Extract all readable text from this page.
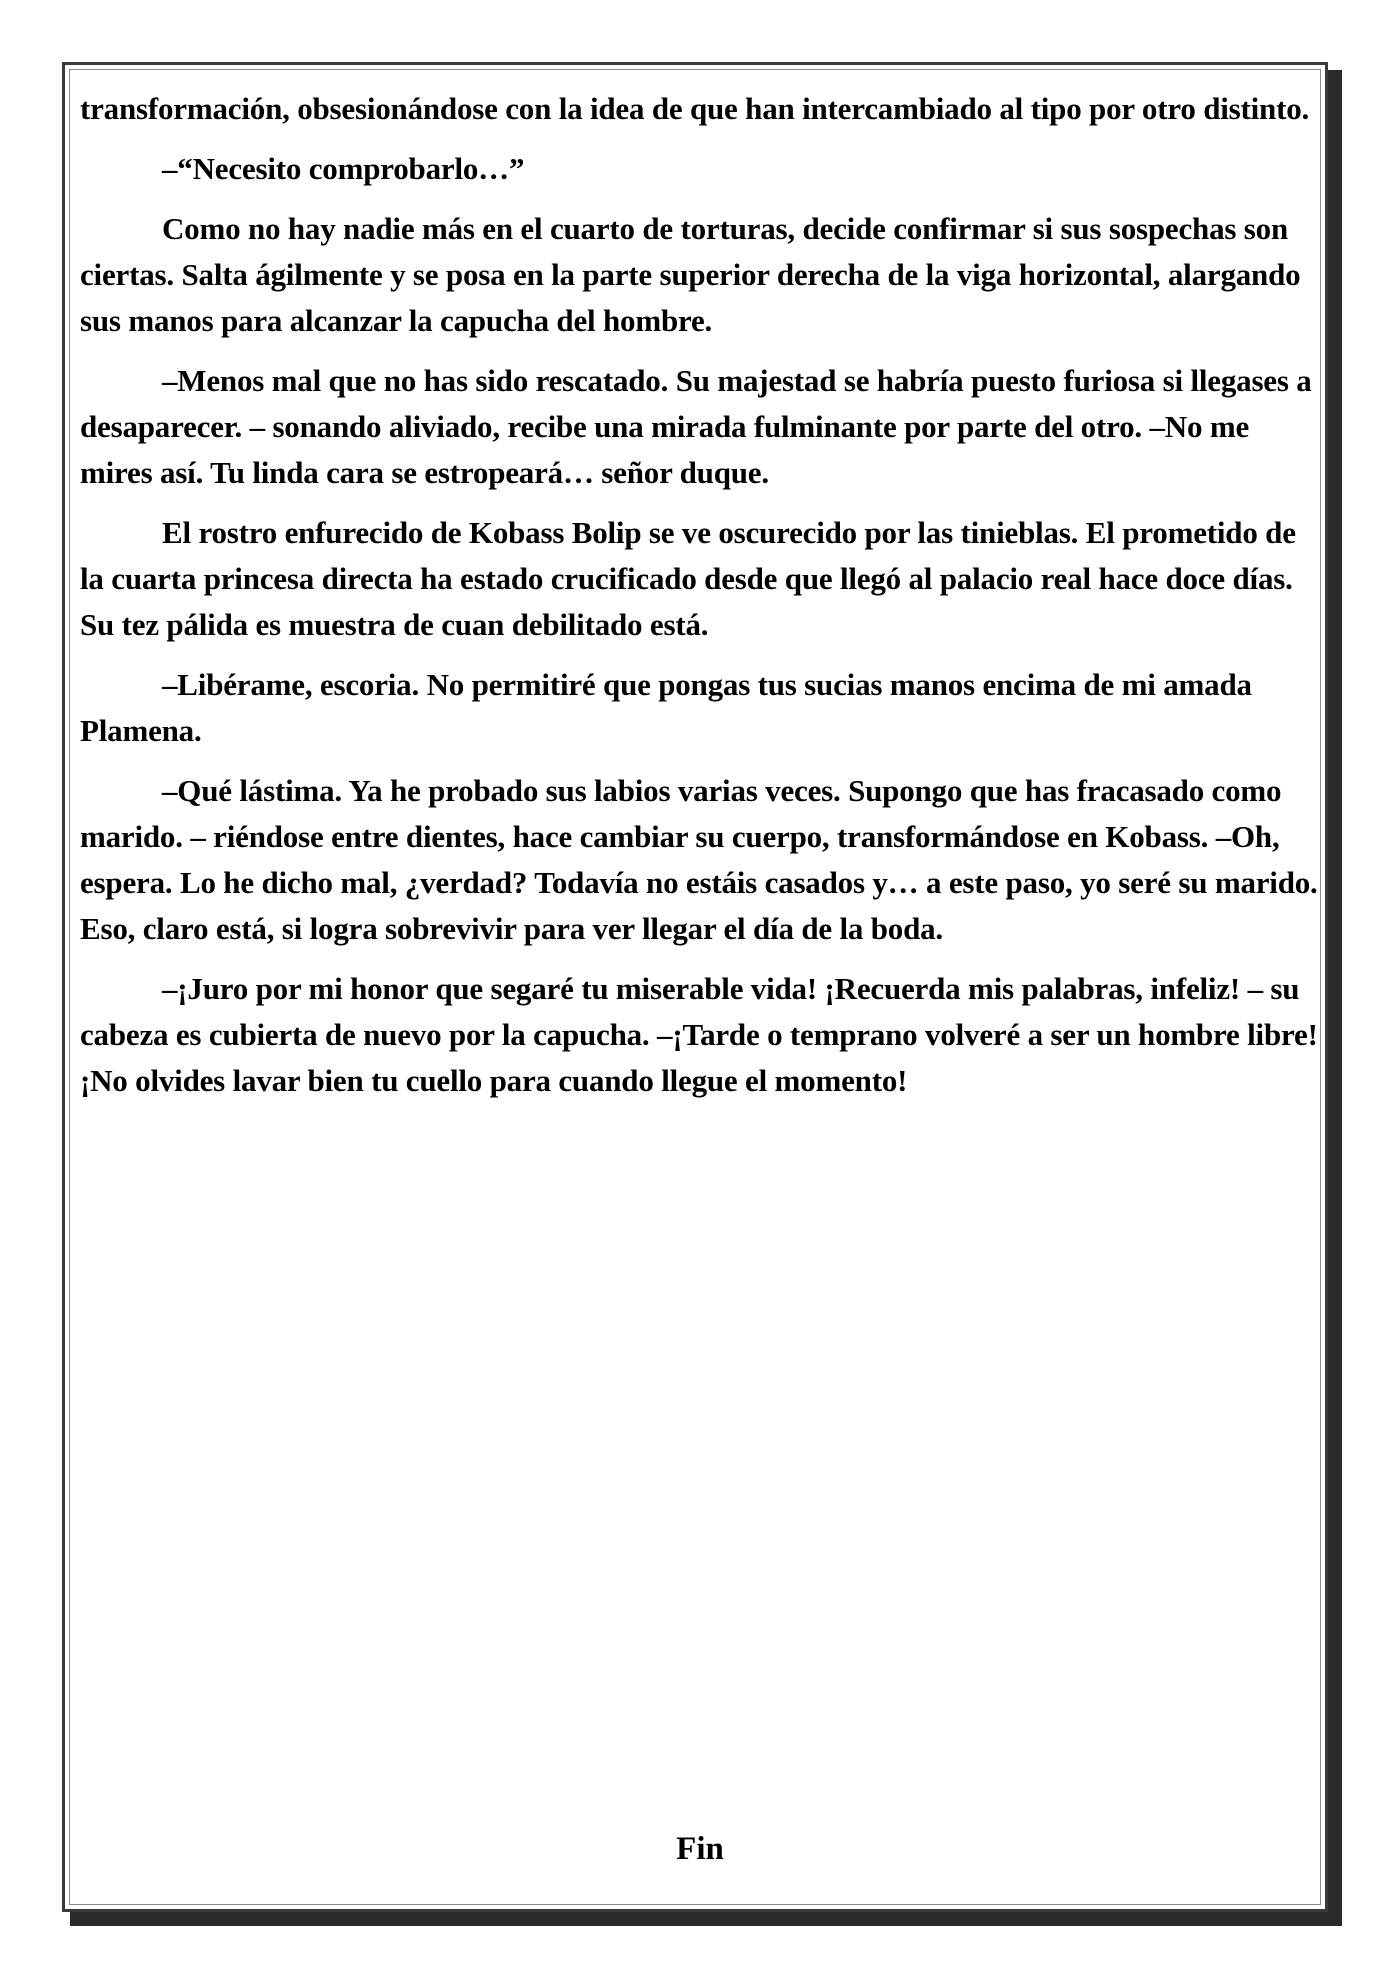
transformación, obsesionándose con la idea de que han intercambiado al tipo por otro distinto.

–“Necesito comprobarlo…”

Como no hay nadie más en el cuarto de torturas, decide confirmar si sus sospechas son ciertas. Salta ágilmente y se posa en la parte superior derecha de la viga horizontal, alargando sus manos para alcanzar la capucha del hombre.

–Menos mal que no has sido rescatado. Su majestad se habría puesto furiosa si llegases a desaparecer. – sonando aliviado, recibe una mirada fulminante por parte del otro. –No me mires así. Tu linda cara se estropeará… señor duque.

El rostro enfurecido de Kobass Bolip se ve oscurecido por las tinieblas. El prometido de la cuarta princesa directa ha estado crucificado desde que llegó al palacio real hace doce días. Su tez pálida es muestra de cuan debilitado está.

–Libérame, escoria. No permitiré que pongas tus sucias manos encima de mi amada Plamena.

–Qué lástima. Ya he probado sus labios varias veces. Supongo que has fracasado como marido. – riéndose entre dientes, hace cambiar su cuerpo, transformándose en Kobass. –Oh, espera. Lo he dicho mal, ¿verdad? Todavía no estáis casados y… a este paso, yo seré su marido. Eso, claro está, si logra sobrevivir para ver llegar el día de la boda.

–¡Juro por mi honor que segaré tu miserable vida! ¡Recuerda mis palabras, infeliz! – su cabeza es cubierta de nuevo por la capucha. –¡Tarde o temprano volveré a ser un hombre libre! ¡No olvides lavar bien tu cuello para cuando llegue el momento!

Fin
